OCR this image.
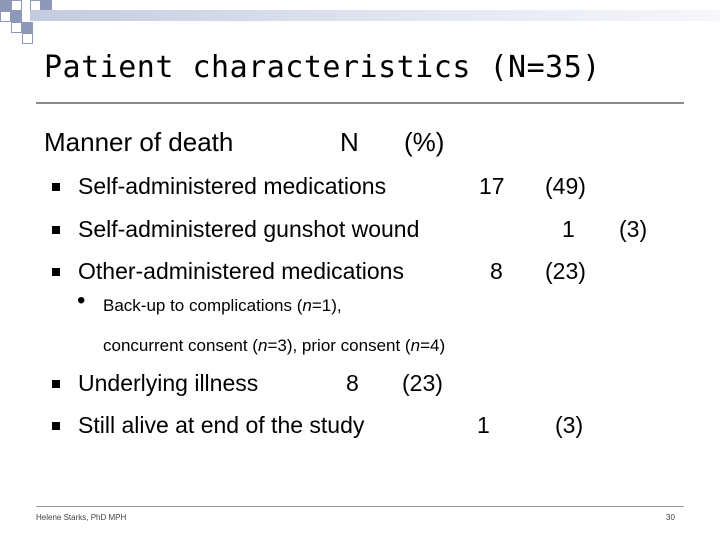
Patient characteristics (N=35)
Manner of death	N (%)
Self-administered medications	17 (49)
Self-administered gunshot wound	1 (3)
Other-administered medications	8 (23)
• Back-up to complications (n=1),
concurrent consent (n=3), prior consent (n=4)
Underlying illness	8 (23)
Still alive at end of the study	1	(3)
Helene Starks, PhD MPH	30
